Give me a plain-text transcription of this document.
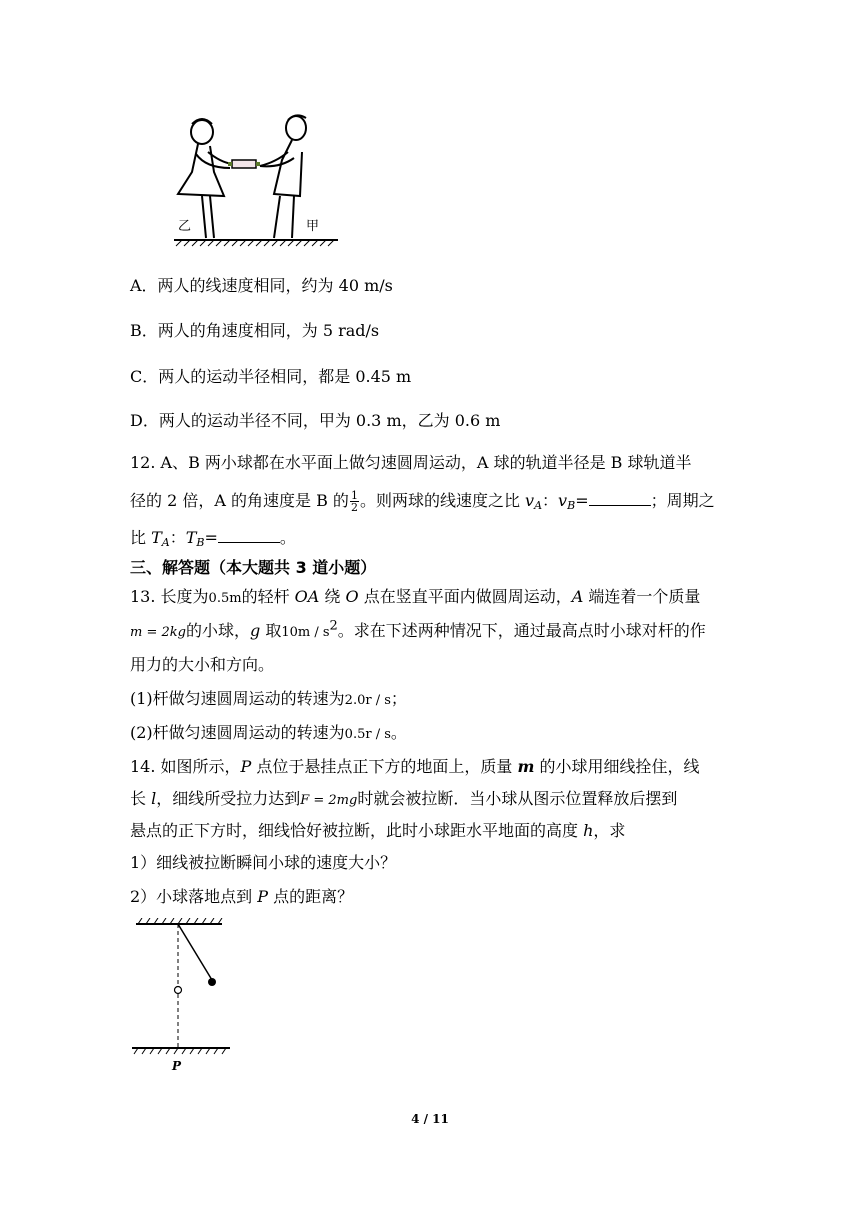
乙	甲
A．两人的线速度相同，约为 40 m/s
B．两人的角速度相同，为 5 rad/s
C．两人的运动半径相同，都是 0.45 m
D．两人的运动半径不同，甲为 0.3 m，乙为 0.6 m
12. A、B 两小球都在水平面上做匀速圆周运动，A 球的轨道半径是 B 球轨道半
径的 2 倍，A 的角速度是 B 的 $\frac{1}{2}$ 。则两球的线速度之比 $v_A$：$v_B=$	；周期之
比 $T_A$：$T_B=$	。
三、解答题（本大题共 3 道小题）
13. 长度为0.5m的轻杆 OA 绕 O 点在竖直平面内做圆周运动，A 端连着一个质量
m = 2kg的小球，g 取$10m / s^2$。求在下述两种情况下，通过最高点时小球对杆的作
用力的大小和方向。
(1)杆做匀速圆周运动的转速为2.0r / s；
(2)杆做匀速圆周运动的转速为0.5r / s。
14. 如图所示，P 点位于悬挂点正下方的地面上，质量 m 的小球用细线拴住，线
长 l，细线所受拉力达到F = 2mg时就会被拉断．当小球从图示位置释放后摆到
悬点的正下方时，细线恰好被拉断，此时小球距水平地面的高度 h，求
1）细线被拉断瞬间小球的速度大小？
2）小球落地点到 P 点的距离？
P
4 / 11
